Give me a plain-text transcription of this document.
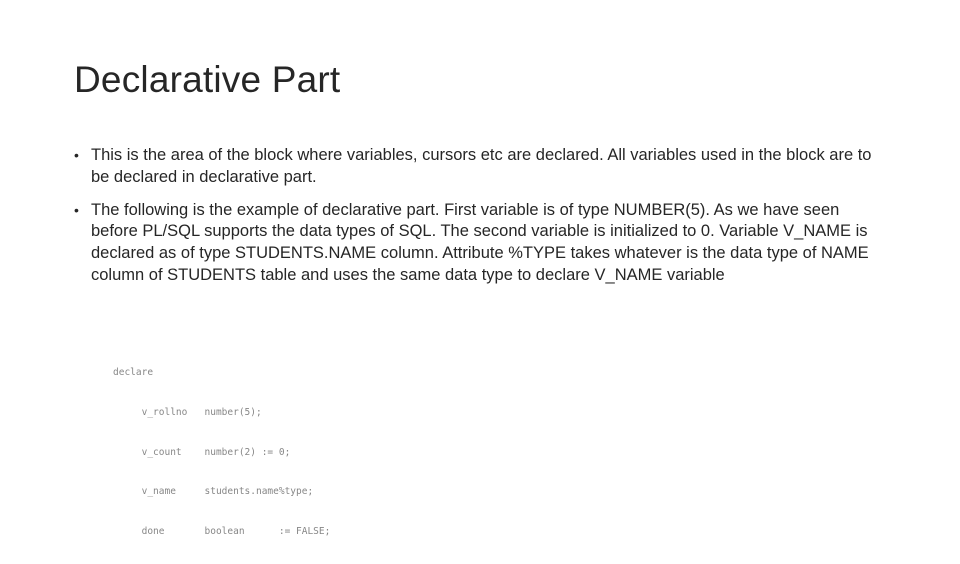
Declarative Part
• This is the area of the block where variables, cursors etc are declared. All variables used in the block are to be declared in declarative part.
• The following is the example of declarative part. First variable is of type NUMBER(5). As we have seen before PL/SQL supports the data types of SQL. The second variable is initialized to 0. Variable V_NAME is declared as of type STUDENTS.NAME column. Attribute %TYPE takes whatever is the data type of NAME column of STUDENTS table and uses the same data type to declare V_NAME variable

declare

v_rollno   number(5);

v_count    number(2) := 0;

v_name     students.name%type;

done       boolean      := FALSE;
